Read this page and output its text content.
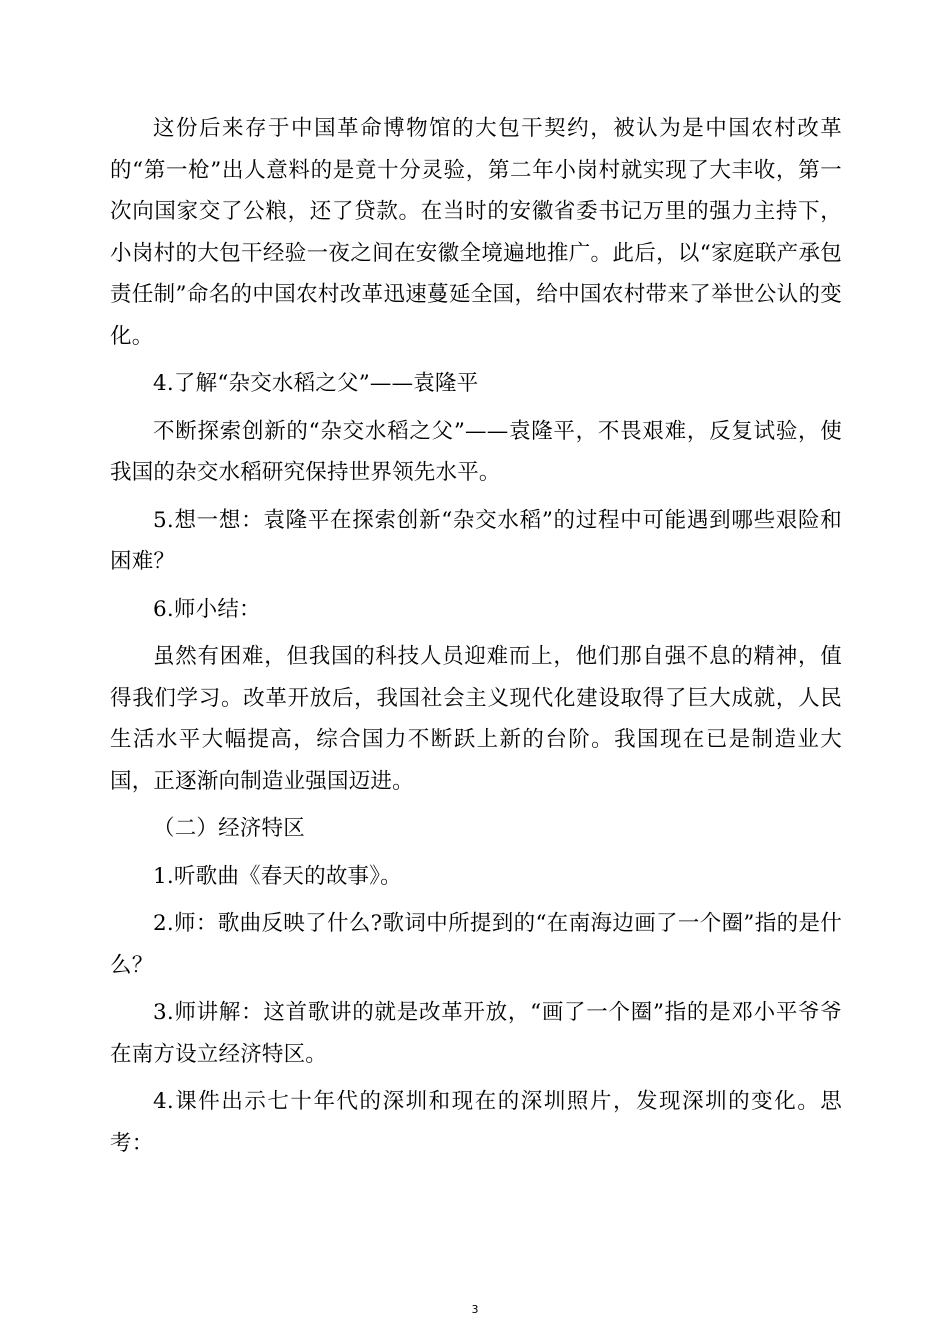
这份后来存于中国革命博物馆的大包干契约，被认为是中国农村改革的“第一枪”出人意料的是竟十分灵验，第二年小岗村就实现了大丰收，第一次向国家交了公粮，还了贷款。在当时的安徽省委书记万里的强力主持下，小岗村的大包干经验一夜之间在安徽全境遍地推广。此后，以“家庭联产承包责任制”命名的中国农村改革迅速蔓延全国，给中国农村带来了举世公认的变化。

4.了解“杂交水稻之父”——袁隆平

不断探索创新的“杂交水稻之父”——袁隆平，不畏艰难，反复试验，使我国的杂交水稻研究保持世界领先水平。

5.想一想：袁隆平在探索创新“杂交水稻”的过程中可能遇到哪些艰险和困难？

6.师小结：

虽然有困难，但我国的科技人员迎难而上，他们那自强不息的精神，值得我们学习。改革开放后，我国社会主义现代化建设取得了巨大成就，人民生活水平大幅提高，综合国力不断跃上新的台阶。我国现在已是制造业大国，正逐渐向制造业强国迈进。

（二）经济特区

1.听歌曲《春天的故事》。

2.师：歌曲反映了什么?歌词中所提到的“在南海边画了一个圈”指的是什么？

3.师讲解：这首歌讲的就是改革开放，“画了一个圈”指的是邓小平爷爷在南方设立经济特区。

4.课件出示七十年代的深圳和现在的深圳照片，发现深圳的变化。思考：

3
